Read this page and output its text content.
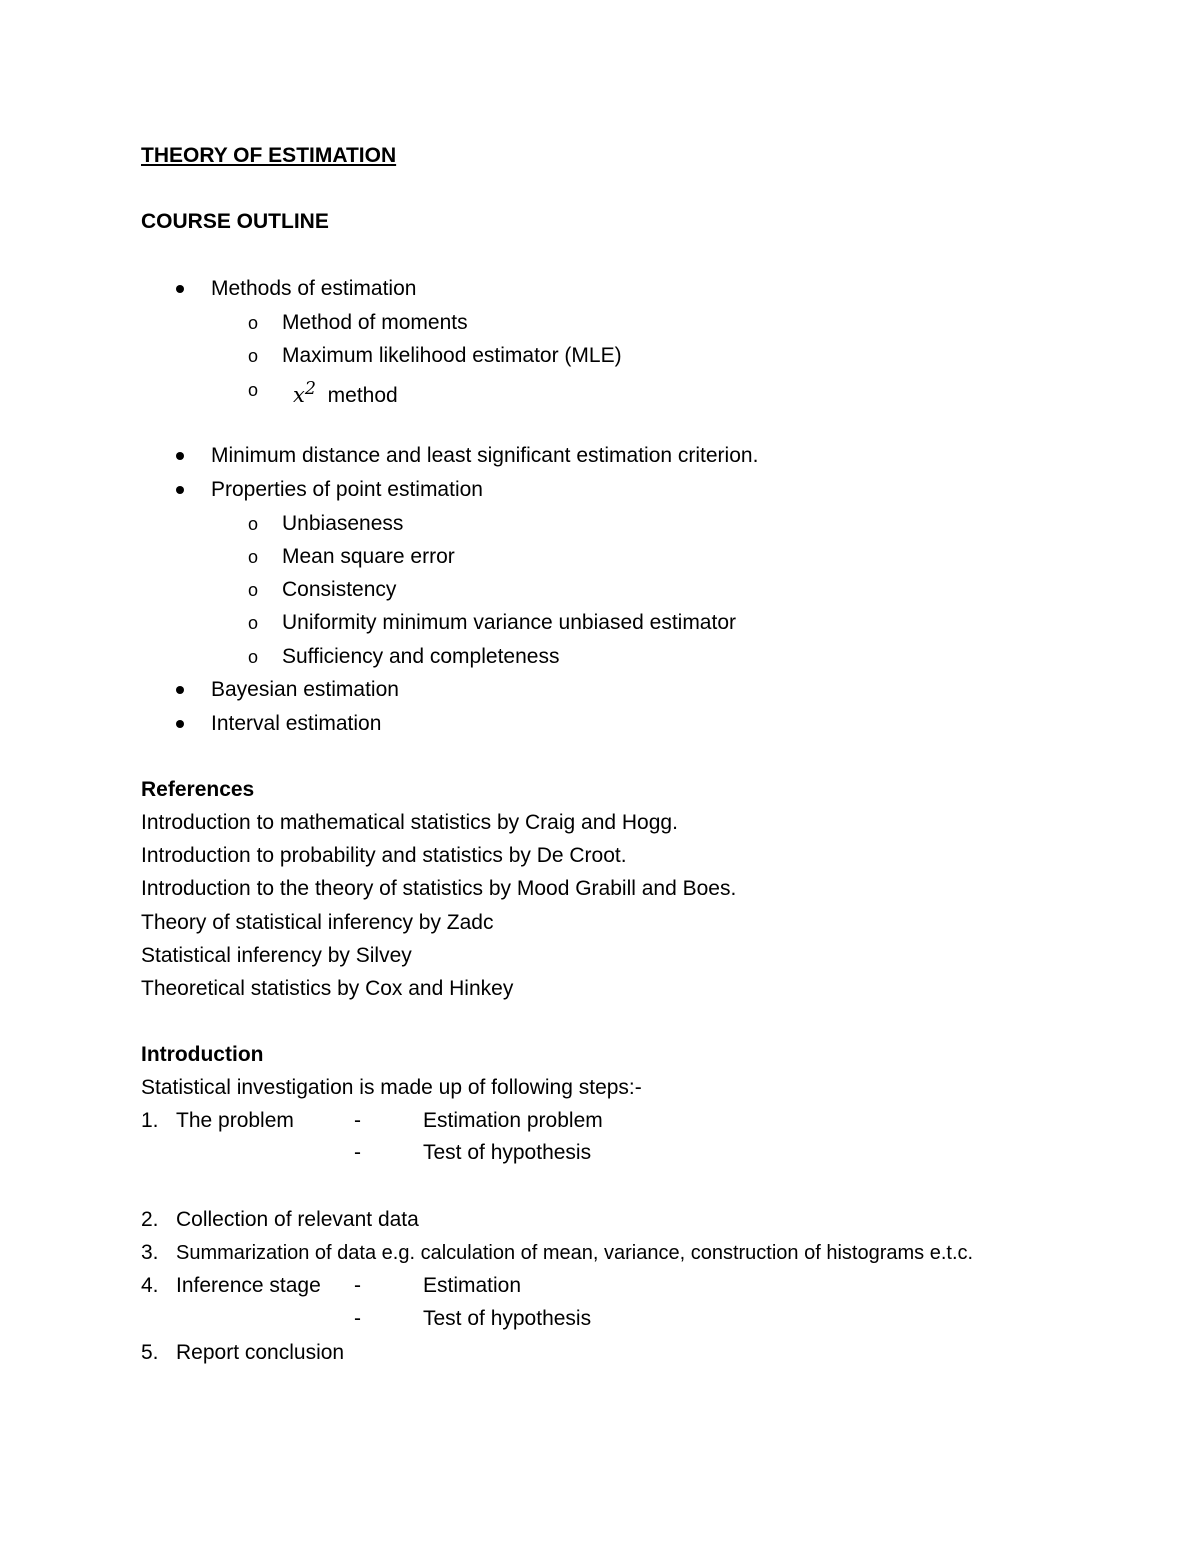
THEORY OF ESTIMATION
COURSE OUTLINE
Methods of estimation
o Method of moments
o Maximum likelihood estimator (MLE)
o $x^2$ method
Minimum distance and least significant estimation criterion.
Properties of point estimation
o Unbiaseness
o Mean square error
o Consistency
o Uniformity minimum variance unbiased estimator
o Sufficiency and completeness
Bayesian estimation
Interval estimation
References
Introduction to mathematical statistics by Craig and Hogg.
Introduction to probability and statistics by De Croot.
Introduction to the theory of statistics by Mood Grabill and Boes.
Theory of statistical inferency by Zadc
Statistical inferency by Silvey
Theoretical statistics by Cox and Hinkey
Introduction
Statistical investigation is made up of following steps:-
1. The problem	-	Estimation problem
-	Test of hypothesis
2. Collection of relevant data
3. Summarization of data e.g. calculation of mean, variance, construction of histograms e.t.c.
4. Inference stage -	Estimation
-	Test of hypothesis
5. Report conclusion
